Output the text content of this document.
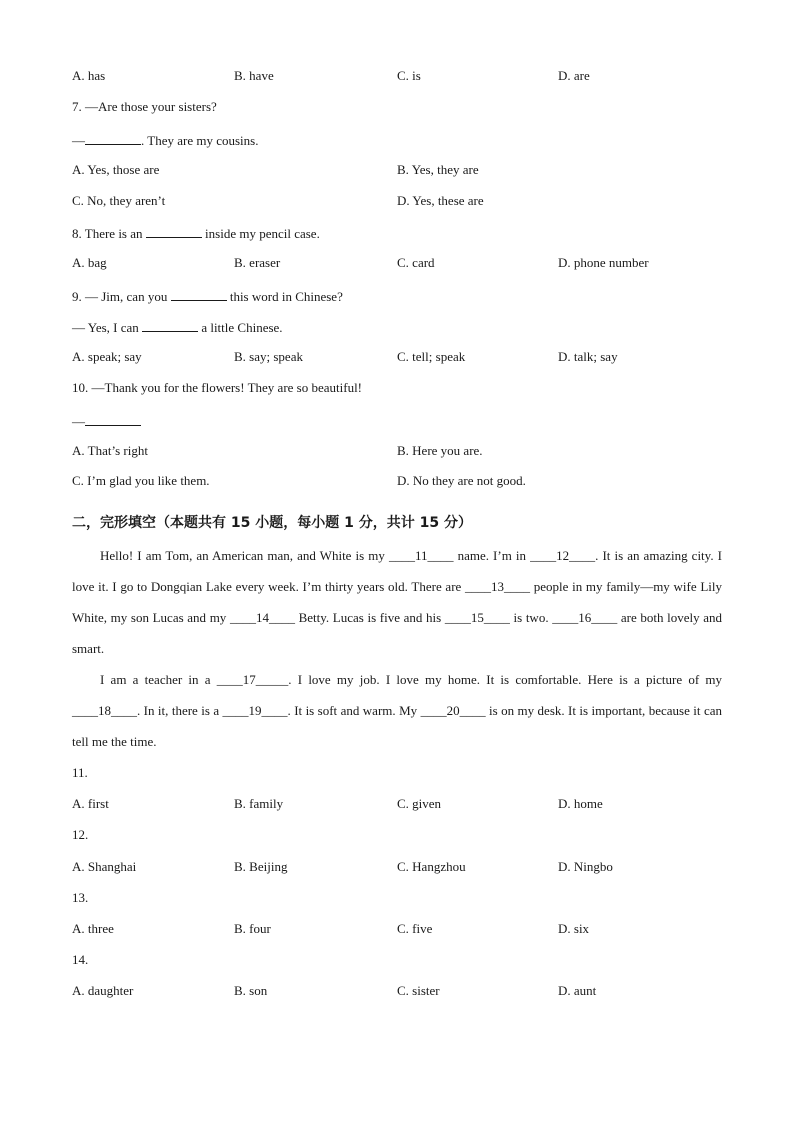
A. has	B. have	C. is	D. are
7. —Are those your sisters?
—	. They are my cousins.
A. Yes, those are	B. Yes, they are
C. No, they aren’t	D. Yes, these are
8. There is an	inside my pencil case.
A. bag	B. eraser	C. card	D. phone number
9. — Jim, can you	this word in Chinese?
— Yes, I can	a little Chinese.
A. speak; say	B. say; speak	C. tell; speak	D. talk; say
10. —Thank you for the flowers! They are so beautiful!
—
A. That’s right	B. Here you are.
C. I’m glad you like them.	D. No they are not good.
二，完形填空（本题共有 15 小题，每小题 1 分，共计 15 分）

Hello! I am Tom, an American man, and White is my ____11____ name. I’m in ____12____. It is an amazing city. I love it. I go to Dongqian Lake every week. I’m thirty years old. There are ____13____ people in my family—my wife Lily White, my son Lucas and my ____14____ Betty. Lucas is five and his ____15____ is two. ____16____ are both lovely and smart.

I am a teacher in a ____17_____. I love my job. I love my home. It is comfortable. Here is a picture of my ____18____. In it, there is a ____19____. It is soft and warm. My ____20____ is on my desk. It is important, because it can tell me the time.

11.
A. first	B. family	C. given	D. home
12.
A. Shanghai	B. Beijing	C. Hangzhou	D. Ningbo
13.
A. three	B. four	C. five	D. six
14.
A. daughter	B. son	C. sister	D. aunt
